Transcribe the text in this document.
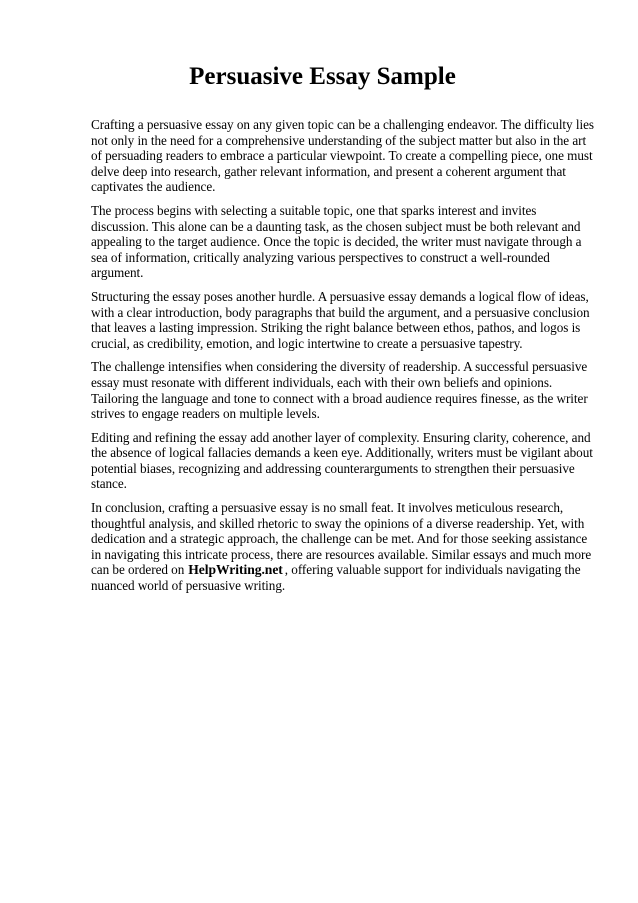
Persuasive Essay Sample

Crafting a persuasive essay on any given topic can be a challenging endeavor. The difficulty lies not only in the need for a comprehensive understanding of the subject matter but also in the art of persuading readers to embrace a particular viewpoint. To create a compelling piece, one must delve deep into research, gather relevant information, and present a coherent argument that captivates the audience.

The process begins with selecting a suitable topic, one that sparks interest and invites discussion. This alone can be a daunting task, as the chosen subject must be both relevant and appealing to the target audience. Once the topic is decided, the writer must navigate through a sea of information, critically analyzing various perspectives to construct a well-rounded argument.

Structuring the essay poses another hurdle. A persuasive essay demands a logical flow of ideas, with a clear introduction, body paragraphs that build the argument, and a persuasive conclusion that leaves a lasting impression. Striking the right balance between ethos, pathos, and logos is crucial, as credibility, emotion, and logic intertwine to create a persuasive tapestry.

The challenge intensifies when considering the diversity of readership. A successful persuasive essay must resonate with different individuals, each with their own beliefs and opinions. Tailoring the language and tone to connect with a broad audience requires finesse, as the writer strives to engage readers on multiple levels.

Editing and refining the essay add another layer of complexity. Ensuring clarity, coherence, and the absence of logical fallacies demands a keen eye. Additionally, writers must be vigilant about potential biases, recognizing and addressing counterarguments to strengthen their persuasive stance.

In conclusion, crafting a persuasive essay is no small feat. It involves meticulous research, thoughtful analysis, and skilled rhetoric to sway the opinions of a diverse readership. Yet, with dedication and a strategic approach, the challenge can be met. And for those seeking assistance in navigating this intricate process, there are resources available. Similar essays and much more can be ordered on HelpWriting.net , offering valuable support for individuals navigating the nuanced world of persuasive writing.
